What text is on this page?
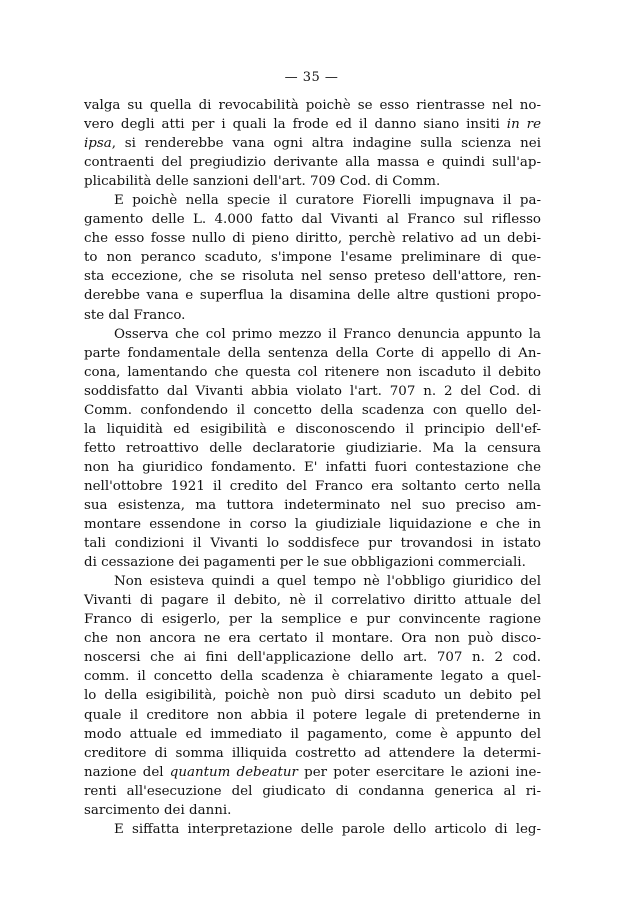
— 35 —
valga su quella di revocabilità poichè se esso rientrasse nel no-
vero degli atti per i quali la frode ed il danno siano insiti in re
ipsa, si renderebbe vana ogni altra indagine sulla scienza nei
contraenti del pregiudizio derivante alla massa e quindi sull'ap-
plicabilità delle sanzioni dell'art. 709 Cod. di Comm.
E poichè nella specie il curatore Fiorelli impugnava il pa-
gamento delle L. 4.000 fatto dal Vivanti al Franco sul riflesso
che esso fosse nullo di pieno diritto, perchè relativo ad un debi-
to non peranco scaduto, s'impone l'esame preliminare di que-
sta eccezione, che se risoluta nel senso preteso dell'attore, ren-
derebbe vana e superflua la disamina delle altre qustioni propo-
ste dal Franco.
Osserva che col primo mezzo il Franco denuncia appunto la
parte fondamentale della sentenza della Corte di appello di An-
cona, lamentando che questa col ritenere non iscaduto il debito
soddisfatto dal Vivanti abbia violato l'art. 707 n. 2 del Cod. di
Comm. confondendo il concetto della scadenza con quello del-
la liquidità ed esigibilità e disconoscendo il principio dell'ef-
fetto retroattivo delle declaratorie giudiziarie. Ma la censura
non ha giuridico fondamento. E' infatti fuori contestazione che
nell'ottobre 1921 il credito del Franco era soltanto certo nella
sua esistenza, ma tuttora indeterminato nel suo preciso am-
montare essendone in corso la giudiziale liquidazione e che in
tali condizioni il Vivanti lo soddisfece pur trovandosi in istato
di cessazione dei pagamenti per le sue obbligazioni commerciali.
Non esisteva quindi a quel tempo nè l'obbligo giuridico del
Vivanti di pagare il debito, nè il correlativo diritto attuale del
Franco di esigerlo, per la semplice e pur convincente ragione
che non ancora ne era certato il montare. Ora non può disco-
noscersi che ai fini dell'applicazione dello art. 707 n. 2 cod.
comm. il concetto della scadenza è chiaramente legato a quel-
lo della esigibilità, poichè non può dirsi scaduto un debito pel
quale il creditore non abbia il potere legale di pretenderne in
modo attuale ed immediato il pagamento, come è appunto del
creditore di somma illiquida costretto ad attendere la determi-
nazione del quantum debeatur per poter esercitare le azioni ine-
renti all'esecuzione del giudicato di condanna generica al ri-
sarcimento dei danni.
E siffatta interpretazione delle parole dello articolo di leg-
